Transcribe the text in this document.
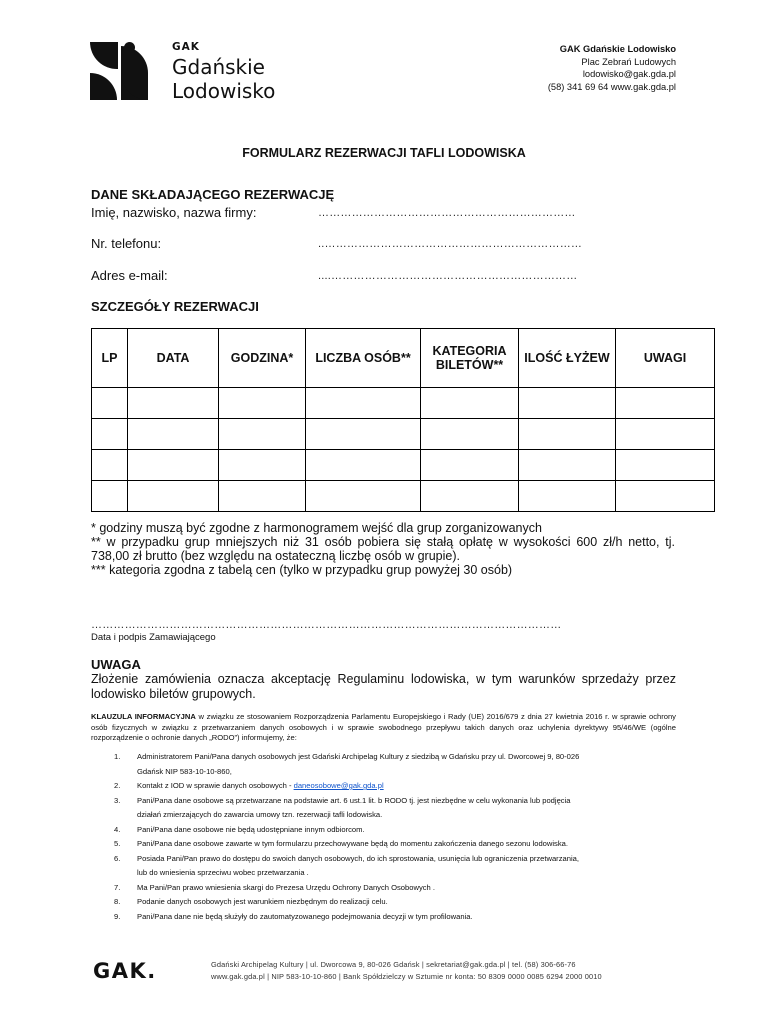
GAK
Gdańskie
Lodowisko
GAK Gdańskie Lodowisko
Plac Zebrań Ludowych
lodowisko@gak.gda.pl
(58) 341 69 64 www.gak.gda.pl
FORMULARZ REZERWACJI TAFLI LODOWISKA
DANE SKŁADAJĄCEGO REZERWACJĘ
Imię, nazwisko, nazwa firmy:	……………………………………………………………
Nr. telefonu:	..……………………………………………………………
Adres e-mail:	....…………………………………………………………
SZCZEGÓŁY REZERWACJI
LP	DATA	GODZINA*	LICZBA OSÓB**	KATEGORIA BILETÓW**	ILOŚĆ ŁYŻEW	UWAGI

* godziny muszą być zgodne z harmonogramem wejść dla grup zorganizowanych
** w przypadku grup mniejszych niż 31 osób pobiera się stałą opłatę w wysokości 600 zł/h netto, tj. 738,00 zł brutto (bez względu na ostateczną liczbę osób w grupie).
*** kategoria zgodna z tabelą cen (tylko w przypadku grup powyżej 30 osób)
………………………………………………………………………………………………………………
Data i podpis Zamawiającego
UWAGA
Złożenie zamówienia oznacza akceptację Regulaminu lodowiska, w tym warunków sprzedaży przez lodowisko biletów grupowych.
KLAUZULA INFORMACYJNA w związku ze stosowaniem Rozporządzenia Parlamentu Europejskiego i Rady (UE) 2016/679 z dnia 27 kwietnia 2016 r. w sprawie ochrony osób fizycznych w związku z przetwarzaniem danych osobowych i w sprawie swobodnego przepływu takich danych oraz uchylenia dyrektywy 95/46/WE (ogólne rozporządzenie o ochronie danych „RODO”) informujemy, że:
1. Administratorem Pani/Pana danych osobowych jest Gdański Archipelag Kultury z siedzibą w Gdańsku przy ul. Dworcowej 9, 80-026
Gdańsk NIP 583-10-10-860,
2. Kontakt z IOD w sprawie danych osobowych - daneosobowe@gak.gda.pl
3. Pani/Pana dane osobowe są przetwarzane na podstawie art. 6 ust.1 lit. b RODO tj. jest niezbędne w celu wykonania lub podjęcia
działań zmierzających do zawarcia umowy tzn. rezerwacji tafli lodowiska.
4. Pani/Pana dane osobowe nie będą udostępniane innym odbiorcom.
5. Pani/Pana dane osobowe zawarte w tym formularzu przechowywane będą do momentu zakończenia danego sezonu lodowiska.
6. Posiada Pani/Pan prawo do dostępu do swoich danych osobowych, do ich sprostowania, usunięcia lub ograniczenia przetwarzania,
lub do wniesienia sprzeciwu wobec przetwarzania .
7. Ma Pani/Pan prawo wniesienia skargi do Prezesa Urzędu Ochrony Danych Osobowych .
8. Podanie danych osobowych jest warunkiem niezbędnym do realizacji celu.
9. Pani/Pana dane nie będą służyły do zautomatyzowanego podejmowania decyzji w tym profilowania.
GAK.	Gdański Archipelag Kultury | ul. Dworcowa 9, 80-026 Gdańsk | sekretariat@gak.gda.pl | tel. (58) 306-66-76
www.gak.gda.pl | NIP 583-10-10-860 | Bank Spółdzielczy w Sztumie nr konta: 50 8309 0000 0085 6294 2000 0010
